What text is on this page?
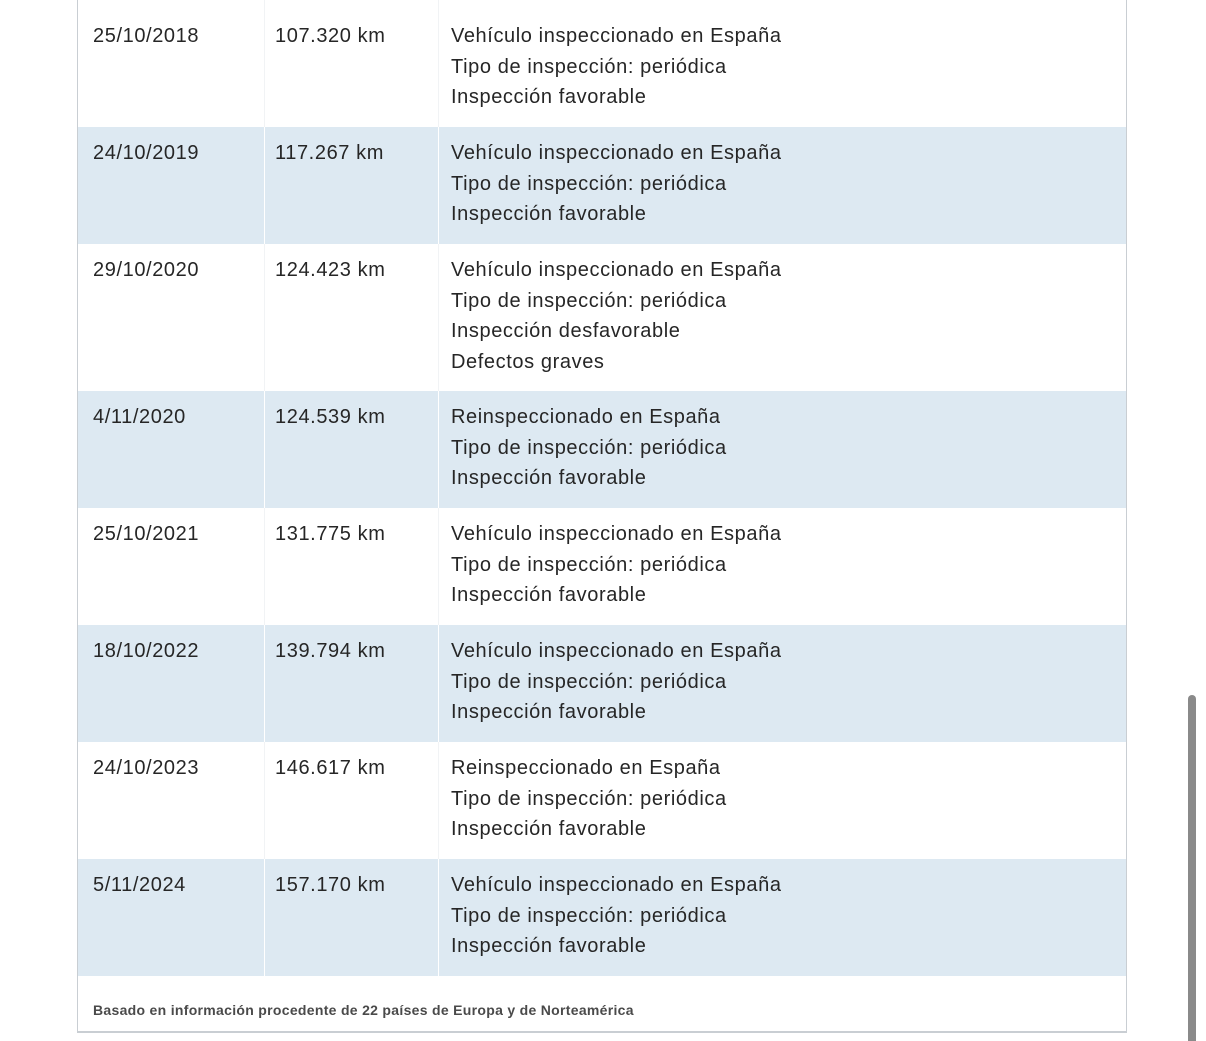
25/10/2018	107.320 km	Vehículo inspeccionado en España
Tipo de inspección: periódica
Inspección favorable
24/10/2019	117.267 km	Vehículo inspeccionado en España
Tipo de inspección: periódica
Inspección favorable
29/10/2020	124.423 km	Vehículo inspeccionado en España
Tipo de inspección: periódica
Inspección desfavorable
Defectos graves
4/11/2020	124.539 km	Reinspeccionado en España
Tipo de inspección: periódica
Inspección favorable
25/10/2021	131.775 km	Vehículo inspeccionado en España
Tipo de inspección: periódica
Inspección favorable
18/10/2022	139.794 km	Vehículo inspeccionado en España
Tipo de inspección: periódica
Inspección favorable
24/10/2023	146.617 km	Reinspeccionado en España
Tipo de inspección: periódica
Inspección favorable
5/11/2024	157.170 km	Vehículo inspeccionado en España
Tipo de inspección: periódica
Inspección favorable
Basado en información procedente de 22 países de Europa y de Norteamérica
